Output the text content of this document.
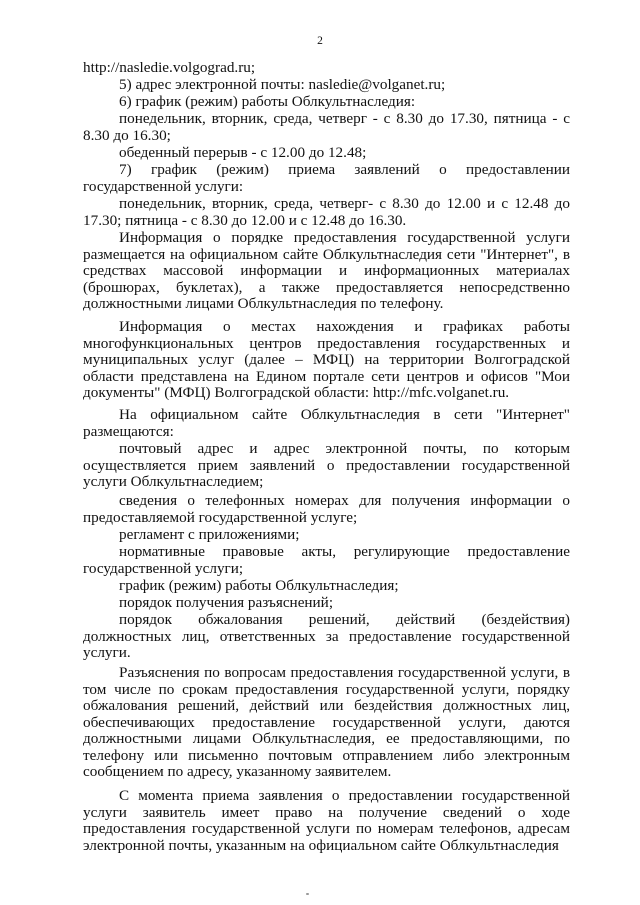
2

http://nasledie.volgograd.ru;

5) адрес электронной почты: nasledie@volganet.ru;

6) график (режим) работы Облкультнаследия:

понедельник, вторник, среда, четверг - с 8.30 до 17.30, пятница - с 8.30 до 16.30;

обеденный перерыв - с 12.00 до 12.48;

7) график (режим) приема заявлений о предоставлении государственной услуги:

понедельник, вторник, среда, четверг- с 8.30 до 12.00 и с 12.48 до 17.30; пятница - с 8.30 до 12.00 и с 12.48 до 16.30.

Информация о порядке предоставления государственной услуги размещается на официальном сайте Облкультнаследия сети "Интернет", в средствах массовой информации и информационных материалах (брошюрах, буклетах), а также предоставляется непосредственно должностными лицами Облкультнаследия по телефону.

Информация о местах нахождения и графиках работы многофункциональных центров предоставления государственных и муниципальных услуг (далее – МФЦ) на территории Волгоградской области представлена на Едином портале сети центров и офисов "Мои документы" (МФЦ) Волгоградской области: http://mfc.volganet.ru.

На официальном сайте Облкультнаследия в сети "Интернет" размещаются:

почтовый адрес и адрес электронной почты, по которым осуществляется прием заявлений о предоставлении государственной услуги Облкультнаследием;

сведения о телефонных номерах для получения информации о предоставляемой государственной услуге;

регламент с приложениями;

нормативные правовые акты, регулирующие предоставление государственной услуги;

график (режим) работы Облкультнаследия;

порядок получения разъяснений;

порядок обжалования решений, действий (бездействия) должностных лиц, ответственных за предоставление государственной услуги.

Разъяснения по вопросам предоставления государственной услуги, в том числе по срокам предоставления государственной услуги, порядку обжалования решений, действий или бездействия должностных лиц, обеспечивающих предоставление государственной услуги, даются должностными лицами Облкультнаследия, ее предоставляющими, по телефону или письменно почтовым отправлением либо электронным сообщением по адресу, указанному заявителем.

С момента приема заявления о предоставлении государственной услуги заявитель имеет право на получение сведений о ходе предоставления государственной услуги по номерам телефонов, адресам электронной почты, указанным на официальном сайте Облкультнаследия
